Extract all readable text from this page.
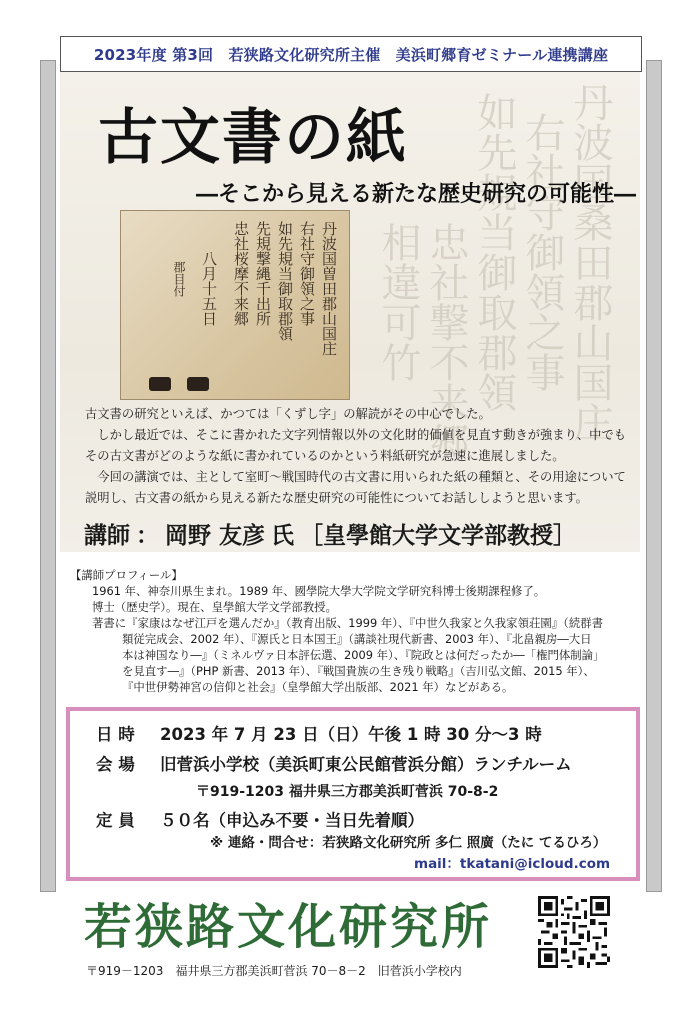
2023年度 第3回　若狭路文化研究所主催　美浜町郷育ゼミナール連携講座
丹波国桑田郡山国庄
右社守御領之事
如先規当御取郡領
忠社撃不来郷
相違可竹
古文書の紙
―そこから見える新たな歴史研究の可能性―
丹波国曽田郡山国庄
右社守御領之事
如先規当御取郡領
先規撃縄千出所
忠社桜摩不来郷
八月十五日
郡目付

古文書の研究といえば、かつては「くずし字」の解読がその中心でした。

　しかし最近では、そこに書かれた文字列情報以外の文化財的価値を見直す動きが強まり、中でもその古文書がどのような紙に書かれているのかという料紙研究が急速に進展しました。

　今回の講演では、主として室町～戦国時代の古文書に用いられた紙の種類と、その用途について説明し、古文書の紙から見える新たな歴史研究の可能性についてお話ししようと思います。

講師 ： 岡野 友彦 氏 ［皇學館大学文学部教授］

【講師プロフィール】

1961 年、神奈川県生まれ。1989 年、國學院大學大学院文学研究科博士後期課程修了。

博士（歴史学）。現在、皇學館大学文学部教授。

著書に『家康はなぜ江戸を選んだか』（教育出版、1999 年）、『中世久我家と久我家領荘園』（続群書

類従完成会、2002 年）、『源氏と日本国王』（講談社現代新書、2003 年）、『北畠親房―大日

本は神国なり―』（ミネルヴァ日本評伝選、2009 年）、『院政とは何だったか―「権門体制論」

を見直す―』（PHP 新書、2013 年）、『戦国貴族の生き残り戦略』（吉川弘文館、2015 年）、

『中世伊勢神宮の信仰と社会』（皇學館大学出版部、2021 年）などがある。

日 時 2023 年 7 月 23 日（日）午後 1 時 30 分～3 時
会 場 旧菅浜小学校（美浜町東公民館菅浜分館）ランチルーム
〒919-1203 福井県三方郡美浜町菅浜 70-8-2
定 員 ５０名（申込み不要・当日先着順）
※ 連絡・問合せ：若狭路文化研究所 多仁 照廣（たに てるひろ）
mail：tkatani@icloud.com
若狭路文化研究所
〒919－1203　福井県三方郡美浜町菅浜 70－8－2　旧菅浜小学校内
